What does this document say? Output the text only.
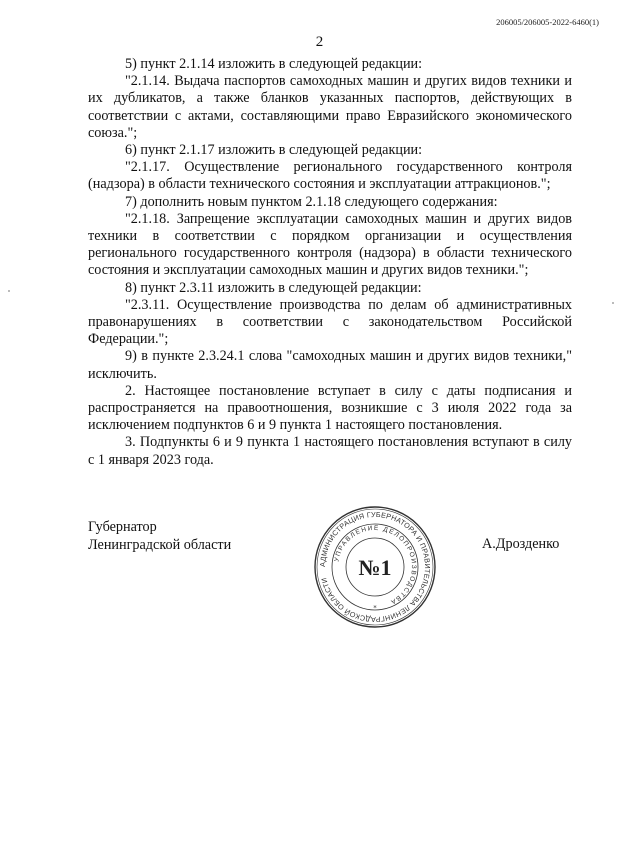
206005/206005-2022-6460(1)
2

5) пункт 2.1.14 изложить в следующей редакции:

"2.1.14. Выдача паспортов самоходных машин и других видов техники и их дубликатов, а также бланков указанных паспортов, действующих в соответствии с актами, составляющими право Евразийского экономического союза.";

6) пункт 2.1.17 изложить в следующей редакции:

"2.1.17. Осуществление регионального государственного контроля (надзора) в области технического состояния и эксплуатации аттракционов.";

7) дополнить новым пунктом 2.1.18 следующего содержания:

"2.1.18. Запрещение эксплуатации самоходных машин и других видов техники в соответствии с порядком организации и осуществления регионального государственного контроля (надзора) в области технического состояния и эксплуатации самоходных машин и других видов техники.";

8) пункт 2.3.11 изложить в следующей редакции:

"2.3.11. Осуществление производства по делам об административных правонарушениях в соответствии с законодательством Российской Федерации.";

9) в пункте 2.3.24.1 слова "самоходных машин и других видов техники," исключить.

2. Настоящее постановление вступает в силу с даты подписания и распространяется на правоотношения, возникшие с 3 июля 2022 года за исключением подпунктов 6 и 9 пункта 1 настоящего постановления.

3. Подпункты 6 и 9 пункта 1 настоящего постановления вступают в силу с 1 января 2023 года.

Губернатор
Ленинградской области
АДМИНИСТРАЦИЯ ГУБЕРНАТОРА И ПРАВИТЕЛЬСТВА ЛЕНИНГРАДСКОЙ ОБЛАСТИ
УПРАВЛЕНИЕ ДЕЛОПРОИЗВОДСТВА
№1
*
А.Дрозденко
